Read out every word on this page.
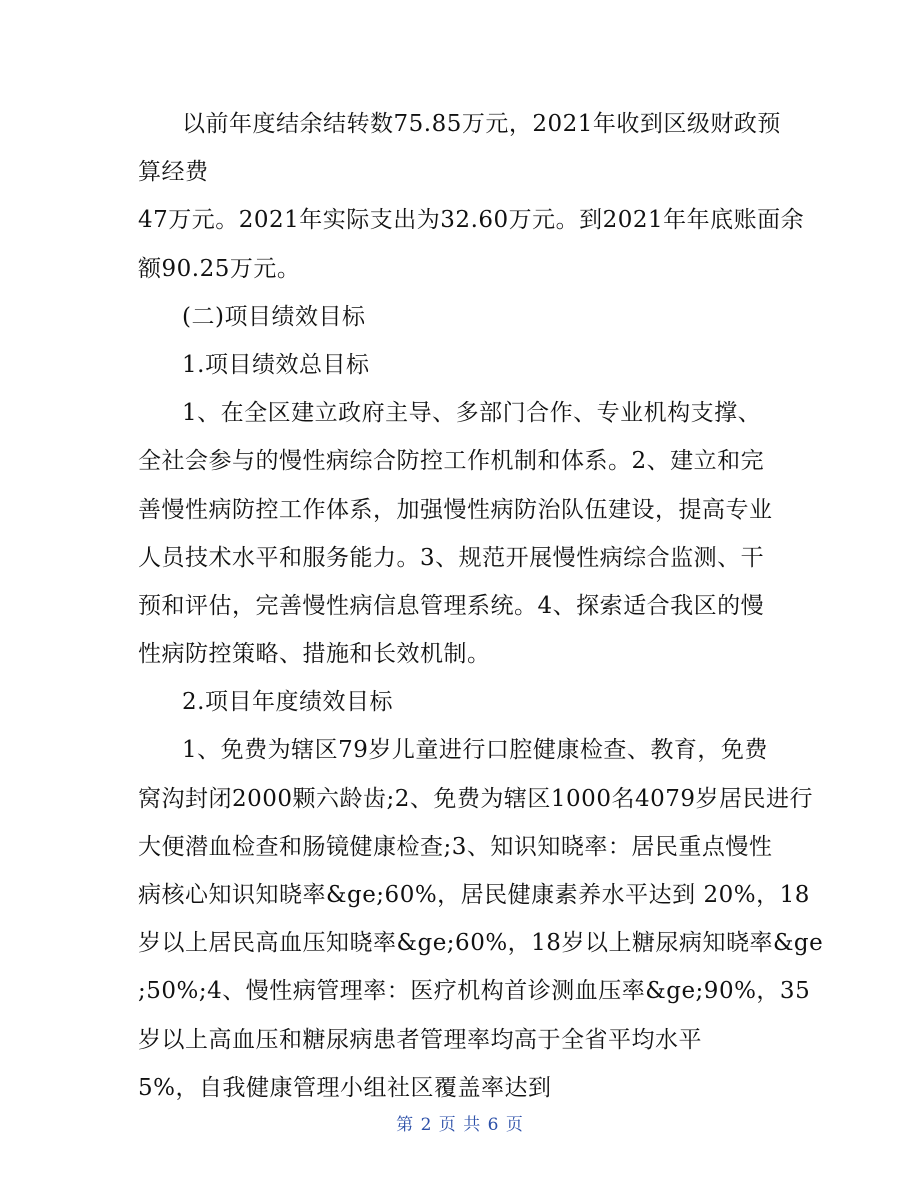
以前年度结余结转数75.85万元，2021年收到区级财政预
算经费
47万元。2021年实际支出为32.60万元。到2021年年底账面余
额90.25万元。
(二)项目绩效目标
1.项目绩效总目标
1、在全区建立政府主导、多部门合作、专业机构支撑、
全社会参与的慢性病综合防控工作机制和体系。2、建立和完
善慢性病防控工作体系，加强慢性病防治队伍建设，提高专业
人员技术水平和服务能力。3、规范开展慢性病综合监测、干
预和评估，完善慢性病信息管理系统。4、探索适合我区的慢
性病防控策略、措施和长效机制。
2.项目年度绩效目标
1、免费为辖区79岁儿童进行口腔健康检查、教育，免费
窝沟封闭2000颗六龄齿;2、免费为辖区1000名4079岁居民进行
大便潜血检查和肠镜健康检查;3、知识知晓率：居民重点慢性
病核心知识知晓率&ge;60%，居民健康素养水平达到 20%，18
岁以上居民高血压知晓率&ge;60%，18岁以上糖尿病知晓率&ge
;50%;4、慢性病管理率：医疗机构首诊测血压率&ge;90%，35
岁以上高血压和糖尿病患者管理率均高于全省平均水平
5%，自我健康管理小组社区覆盖率达到
第 2 页 共 6 页
